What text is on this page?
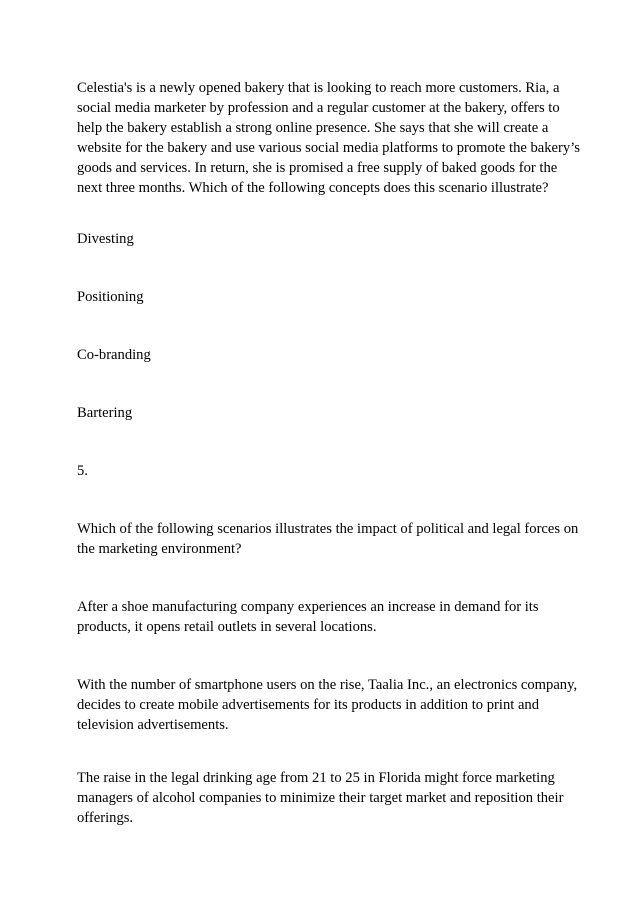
Celestia's is a newly opened bakery that is looking to reach more customers. Ria, a
social media marketer by profession and a regular customer at the bakery, offers to
help the bakery establish a strong online presence. She says that she will create a
website for the bakery and use various social media platforms to promote the bakery’s
goods and services. In return, she is promised a free supply of baked goods for the
next three months. Which of the following concepts does this scenario illustrate?

Divesting

Positioning

Co-branding

Bartering

5.

Which of the following scenarios illustrates the impact of political and legal forces on
the marketing environment?
After a shoe manufacturing company experiences an increase in demand for its
products, it opens retail outlets in several locations.
With the number of smartphone users on the rise, Taalia Inc., an electronics company,
decides to create mobile advertisements for its products in addition to print and
television advertisements.
The raise in the legal drinking age from 21 to 25 in Florida might force marketing
managers of alcohol companies to minimize their target market and reposition their
offerings.
